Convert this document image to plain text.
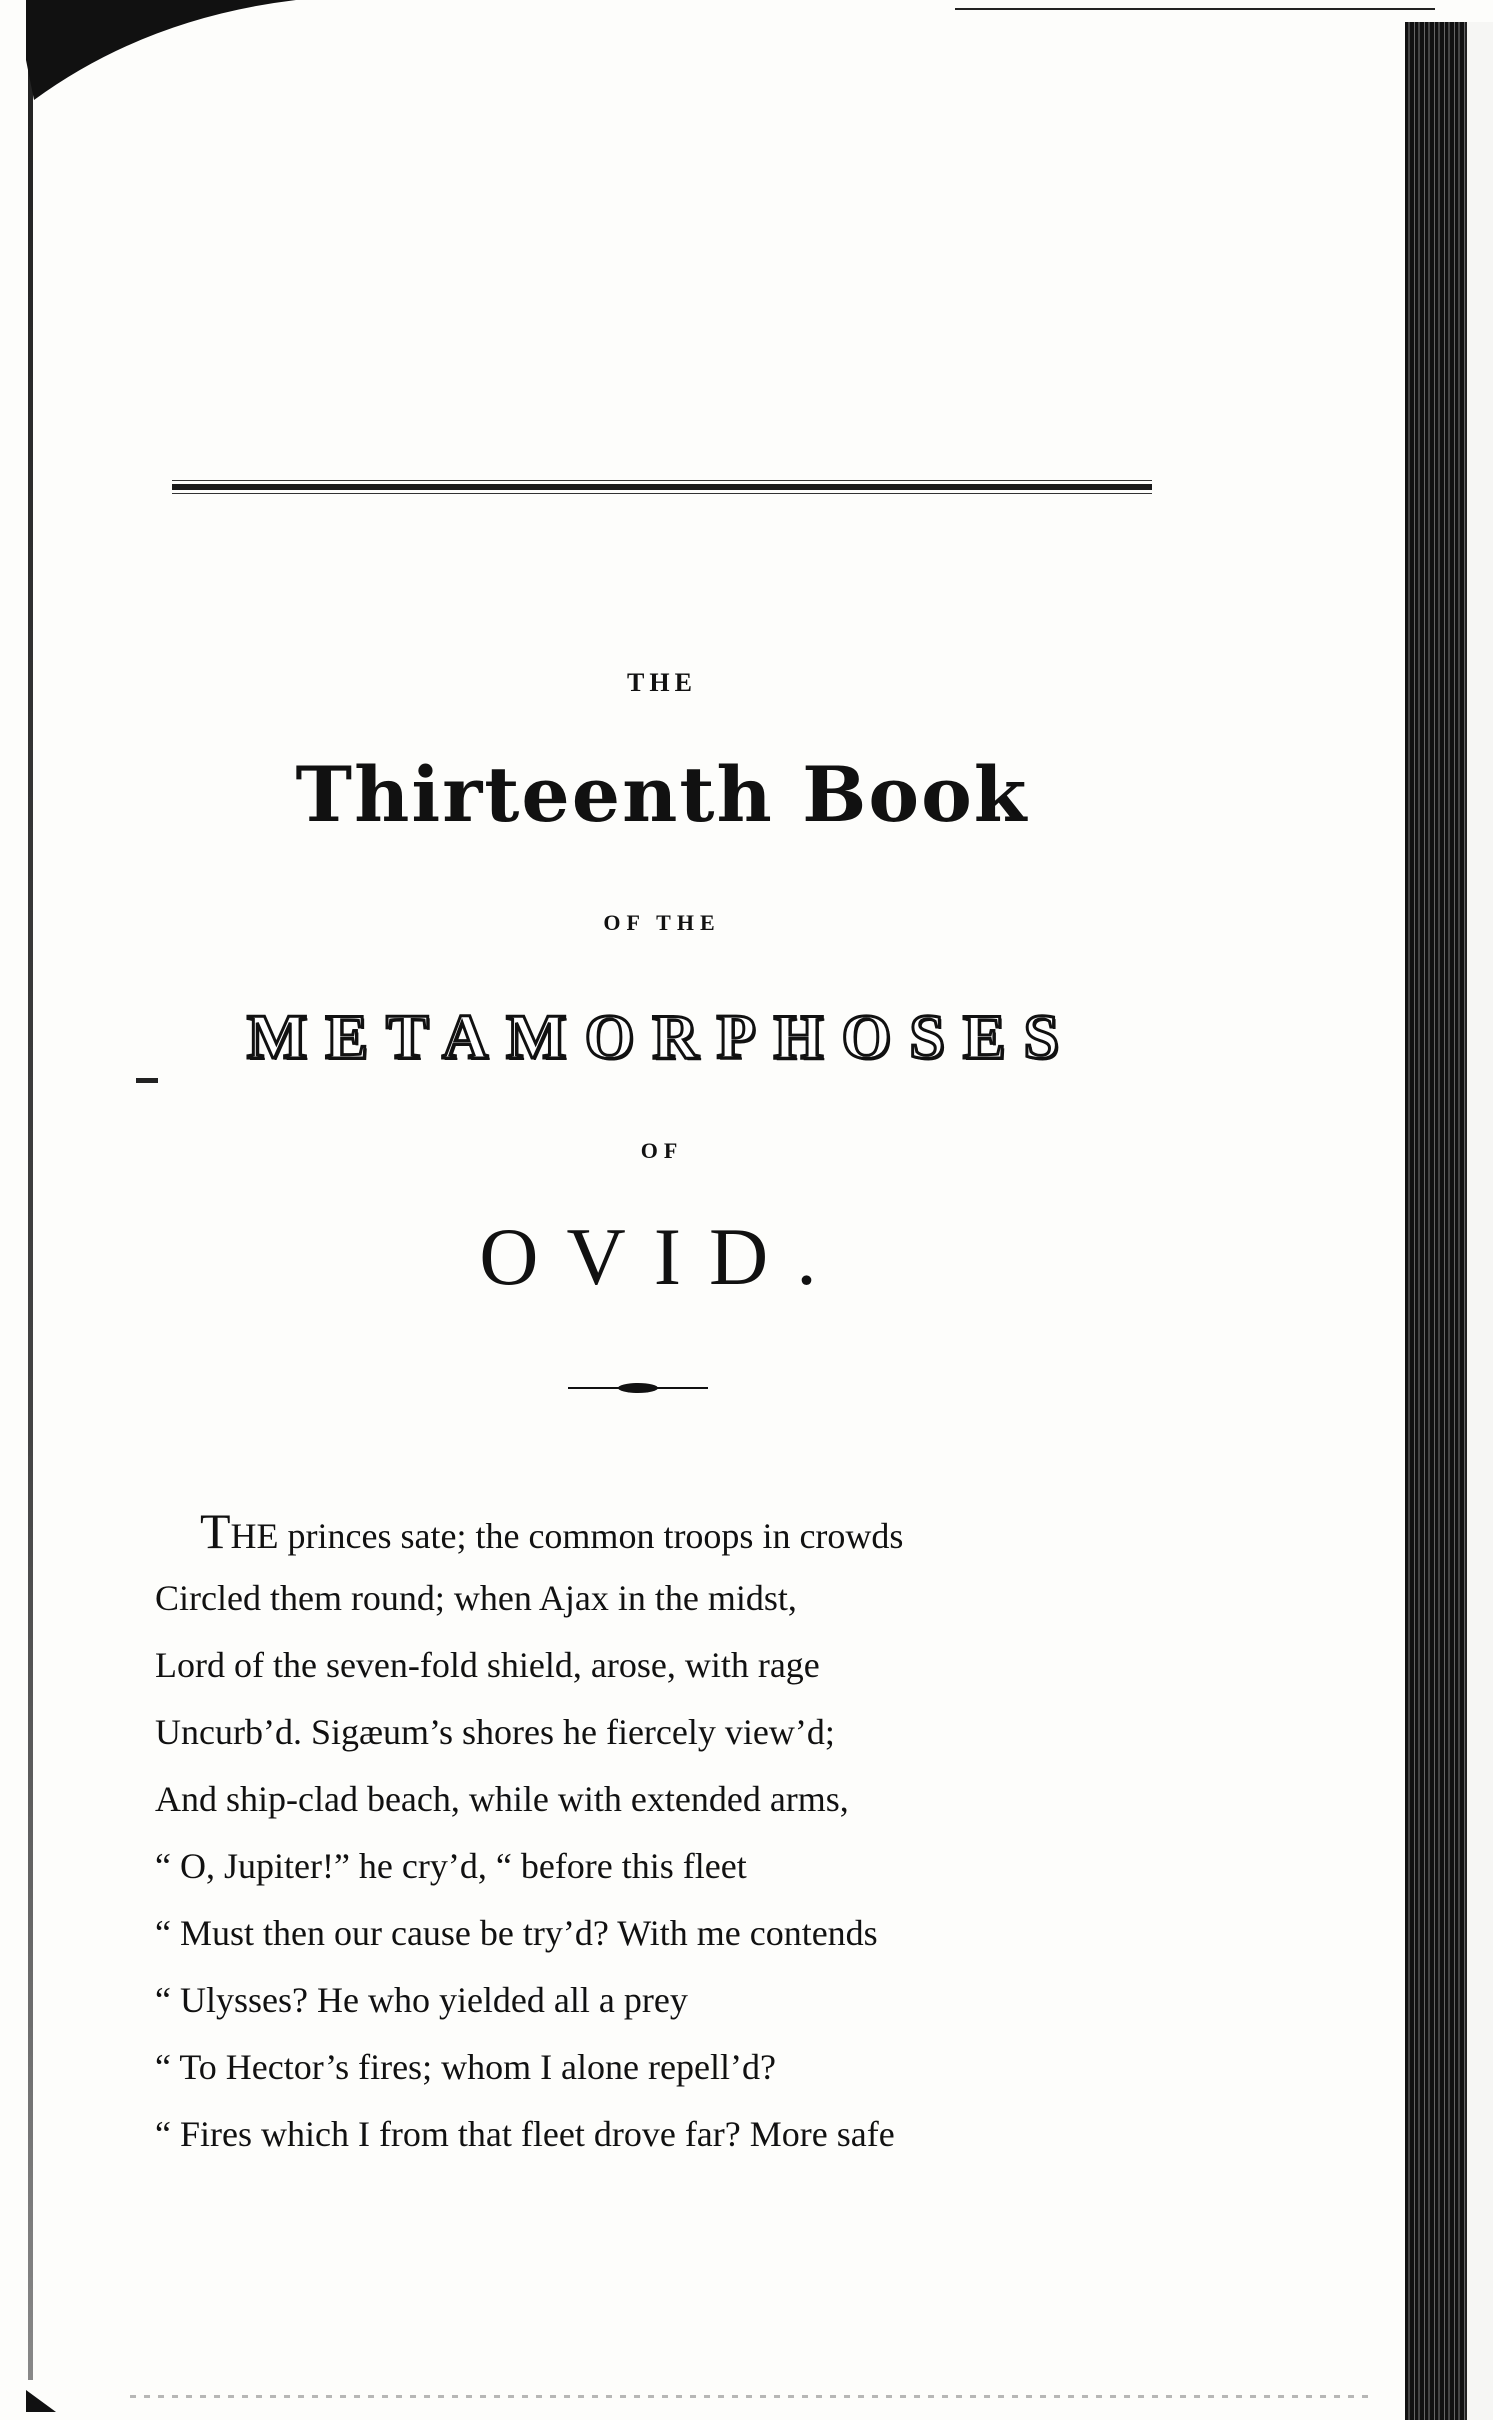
THE
Thirteenth Book
OF THE
METAMORPHOSES
OF
OVID.
THE princes sate; the common troops in crowds
Circled them round; when Ajax in the midst,
Lord of the seven-fold shield, arose, with rage
Uncurb’d. Sigæum’s shores he fiercely view’d;
And ship-clad beach, while with extended arms,
“ O, Jupiter!” he cry’d, “ before this fleet
“ Must then our cause be try’d? With me contends
“ Ulysses? He who yielded all a prey
“ To Hector’s fires; whom I alone repell’d?
“ Fires which I from that fleet drove far? More safe
